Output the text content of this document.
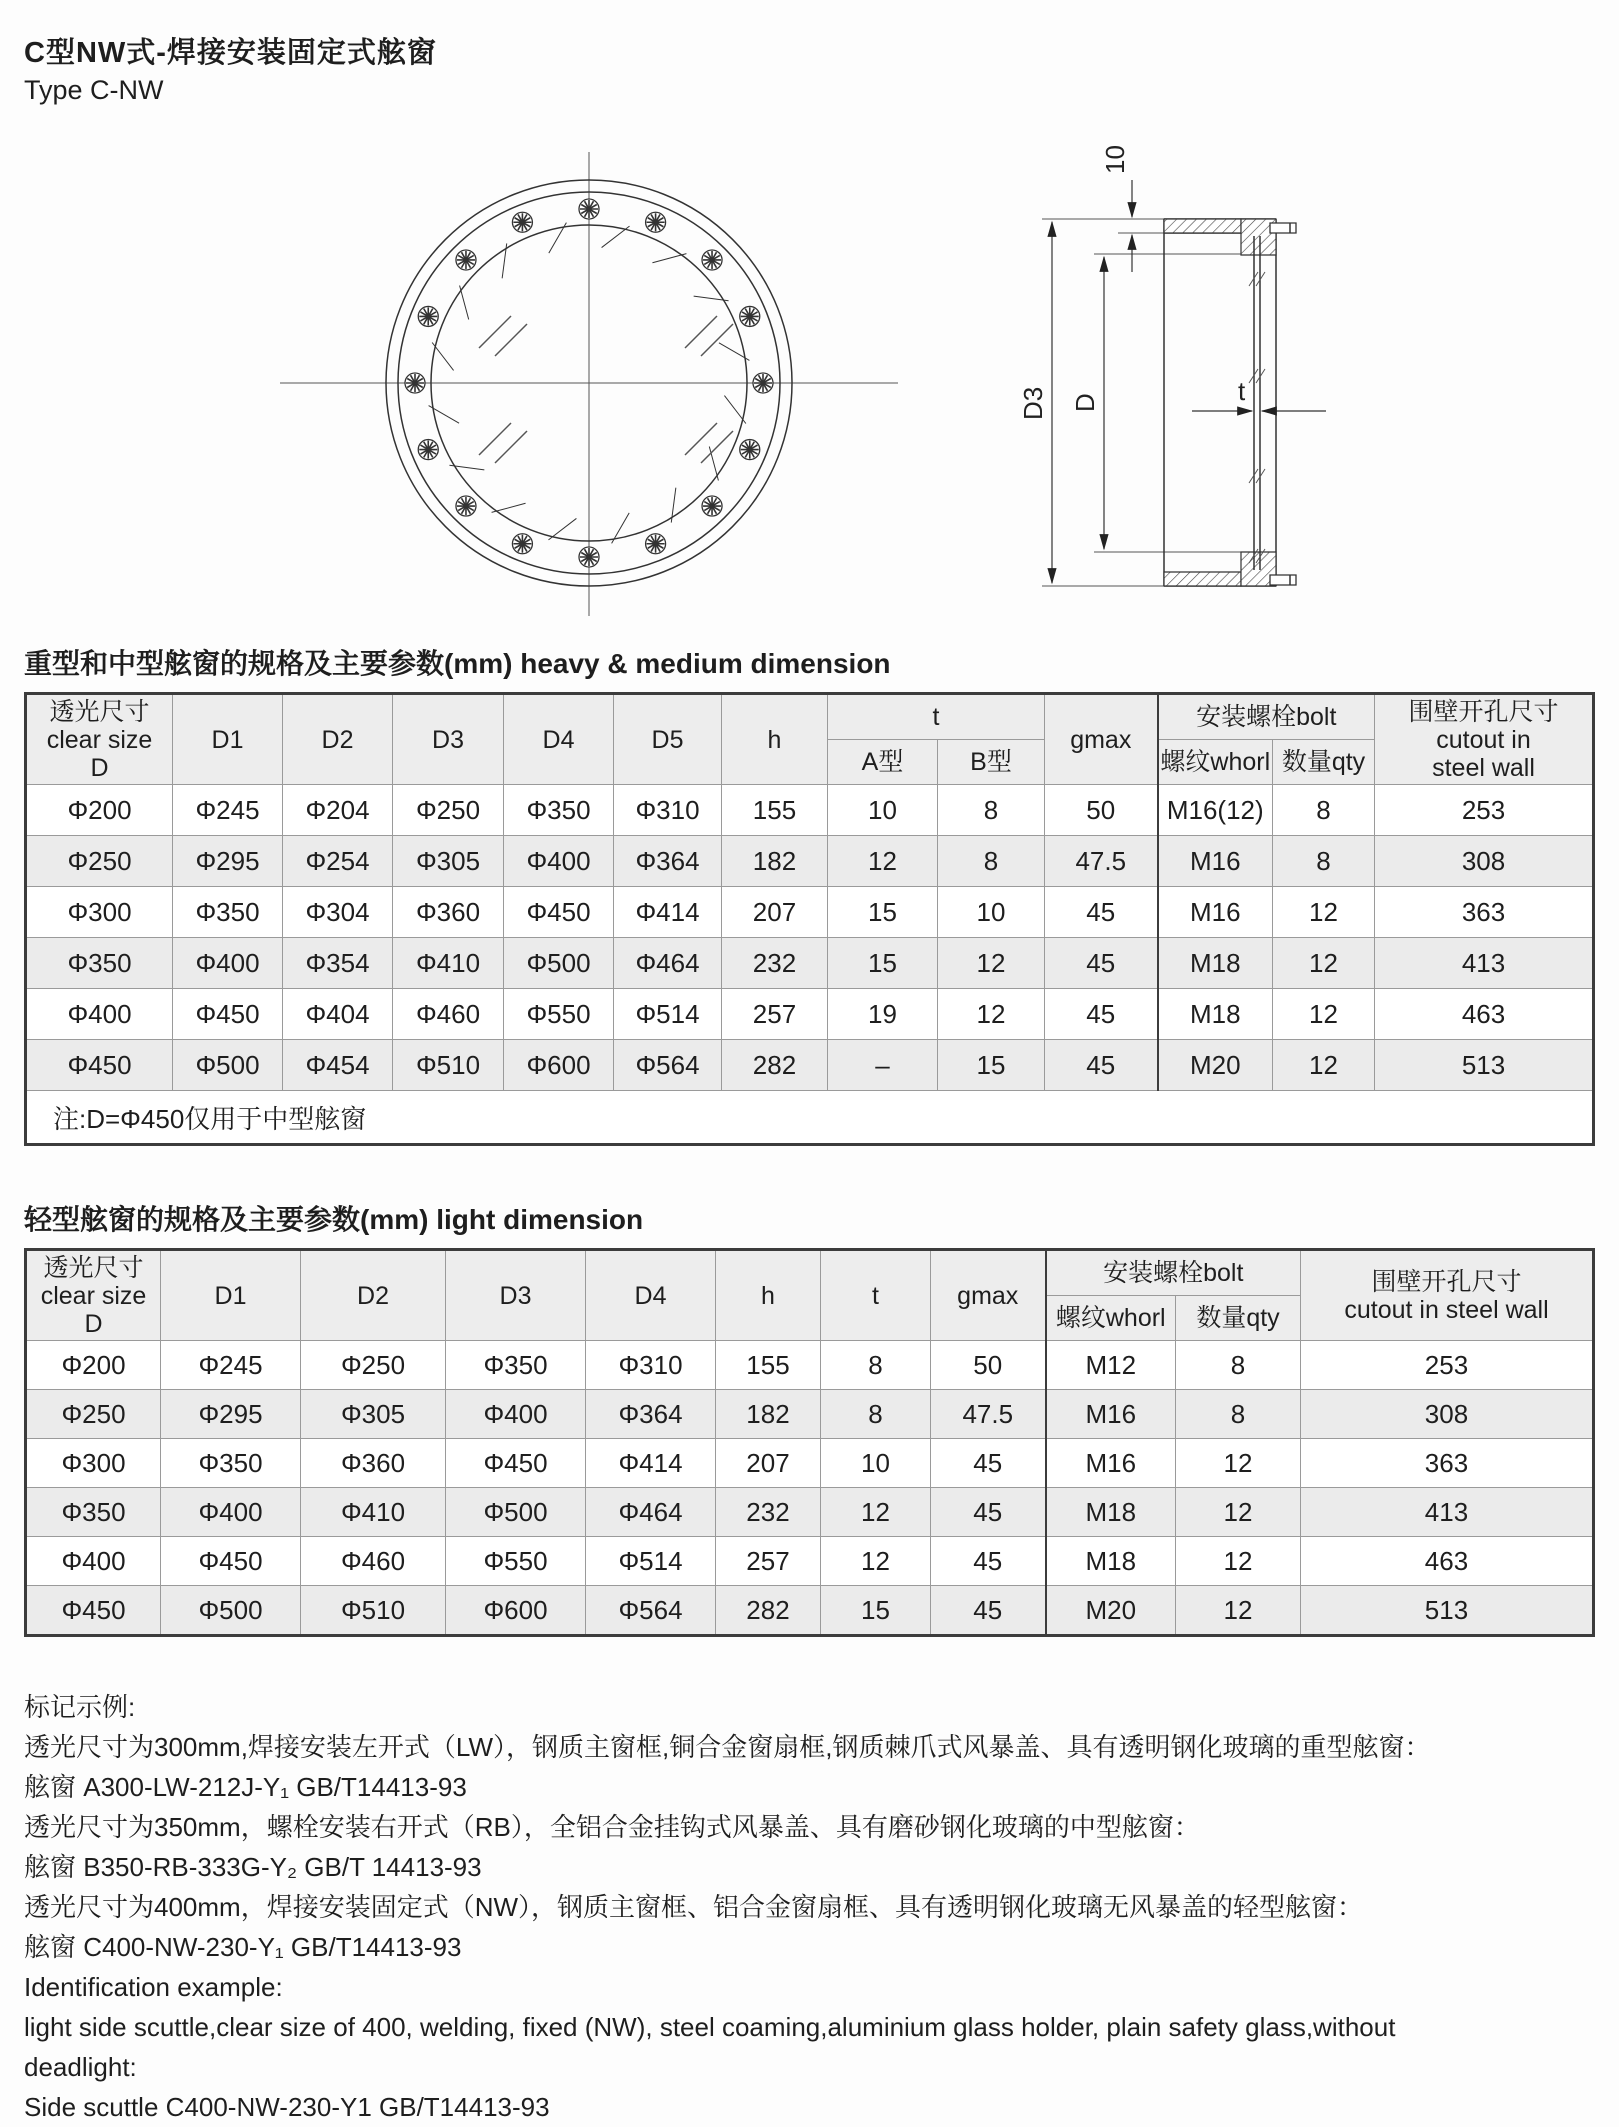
C型NW式-焊接安装固定式舷窗

Type C-NW

D3 D
10
t

重型和中型舷窗的规格及主要参数(mm) heavy & medium dimension

透光尺寸
clear size
D	D1	D2	D3	D4	D5	h	t		gmax	安装螺栓bolt		围壁开孔尺寸
cutout in
steel wall
							A型	B型		螺纹whorl	数量qty	
Φ200	Φ245	Φ204	Φ250	Φ350	Φ310	155	10	8	50	M16(12)	8	253
Φ250	Φ295	Φ254	Φ305	Φ400	Φ364	182	12	8	47.5	M16	8	308
Φ300	Φ350	Φ304	Φ360	Φ450	Φ414	207	15	10	45	M16	12	363
Φ350	Φ400	Φ354	Φ410	Φ500	Φ464	232	15	12	45	M18	12	413
Φ400	Φ450	Φ404	Φ460	Φ550	Φ514	257	19	12	45	M18	12	463
Φ450	Φ500	Φ454	Φ510	Φ600	Φ564	282	–	15	45	M20	12	513
注:D=Φ450仅用于中型舷窗												

轻型舷窗的规格及主要参数(mm) light dimension

透光尺寸
clear size
D	D1	D2	D3	D4	h	t	gmax	安装螺栓bolt		围壁开孔尺寸
cutout in steel wall
								螺纹whorl	数量qty	
Φ200	Φ245	Φ250	Φ350	Φ310	155	8	50	M12	8	253
Φ250	Φ295	Φ305	Φ400	Φ364	182	8	47.5	M16	8	308
Φ300	Φ350	Φ360	Φ450	Φ414	207	10	45	M16	12	363
Φ350	Φ400	Φ410	Φ500	Φ464	232	12	45	M18	12	413
Φ400	Φ450	Φ460	Φ550	Φ514	257	12	45	M18	12	463
Φ450	Φ500	Φ510	Φ600	Φ564	282	15	45	M20	12	513

标记示例:

透光尺寸为300mm,焊接安装左开式（LW），钢质主窗框,铜合金窗扇框,钢质棘爪式风暴盖、具有透明钢化玻璃的重型舷窗：

舷窗 A300-LW-212J-Y₁ GB/T14413-93

透光尺寸为350mm，螺栓安装右开式（RB），全铝合金挂钩式风暴盖、具有磨砂钢化玻璃的中型舷窗：

舷窗 B350-RB-333G-Y₂ GB/T 14413-93

透光尺寸为400mm，焊接安装固定式（NW），钢质主窗框、铝合金窗扇框、具有透明钢化玻璃无风暴盖的轻型舷窗：

舷窗 C400-NW-230-Y₁ GB/T14413-93

Identification example:

light side scuttle,clear size of 400, welding, fixed (NW), steel coaming,aluminium glass holder, plain safety glass,without

deadlight:

Side scuttle C400-NW-230-Y1 GB/T14413-93
